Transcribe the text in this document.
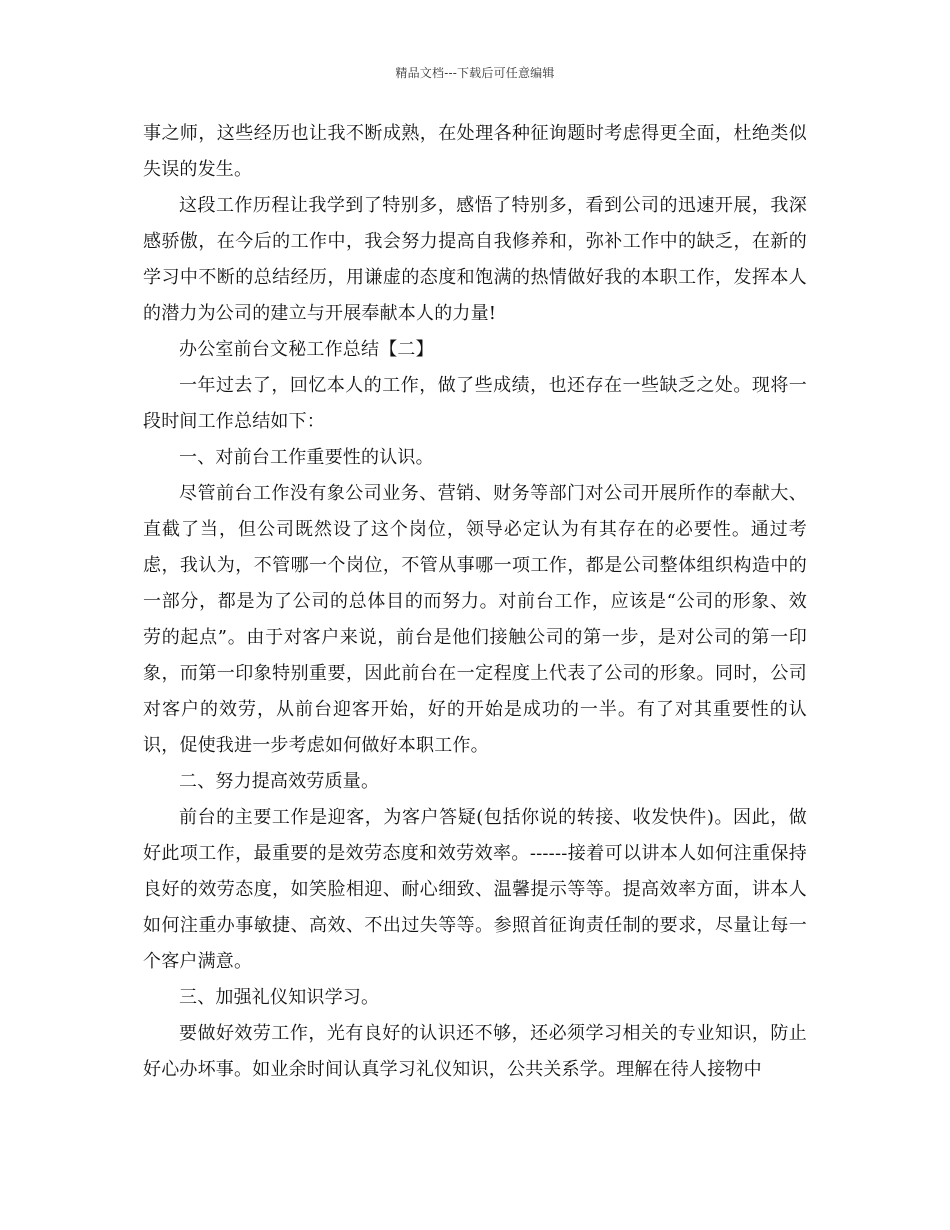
精品文档---下载后可任意编辑

事之师，这些经历也让我不断成熟，在处理各种征询题时考虑得更全面，杜绝类似失误的发生。

这段工作历程让我学到了特别多，感悟了特别多，看到公司的迅速开展，我深感骄傲，在今后的工作中，我会努力提高自我修养和，弥补工作中的缺乏，在新的学习中不断的总结经历，用谦虚的态度和饱满的热情做好我的本职工作，发挥本人的潜力为公司的建立与开展奉献本人的力量!

办公室前台文秘工作总结【二】

一年过去了，回忆本人的工作，做了些成绩，也还存在一些缺乏之处。现将一段时间工作总结如下：

一、对前台工作重要性的认识。

尽管前台工作没有象公司业务、营销、财务等部门对公司开展所作的奉献大、直截了当，但公司既然设了这个岗位，领导必定认为有其存在的必要性。通过考虑，我认为，不管哪一个岗位，不管从事哪一项工作，都是公司整体组织构造中的一部分，都是为了公司的总体目的而努力。对前台工作，应该是“公司的形象、效劳的起点”。由于对客户来说，前台是他们接触公司的第一步，是对公司的第一印象，而第一印象特别重要，因此前台在一定程度上代表了公司的形象。同时，公司对客户的效劳，从前台迎客开始，好的开始是成功的一半。有了对其重要性的认识，促使我进一步考虑如何做好本职工作。

二、努力提高效劳质量。

前台的主要工作是迎客，为客户答疑(包括你说的转接、收发快件)。因此，做好此项工作，最重要的是效劳态度和效劳效率。------接着可以讲本人如何注重保持良好的效劳态度，如笑脸相迎、耐心细致、温馨提示等等。提高效率方面，讲本人如何注重办事敏捷、高效、不出过失等等。参照首征询责任制的要求，尽量让每一个客户满意。

三、加强礼仪知识学习。

要做好效劳工作，光有良好的认识还不够，还必须学习相关的专业知识，防止好心办坏事。如业余时间认真学习礼仪知识，公共关系学。理解在待人接物中
